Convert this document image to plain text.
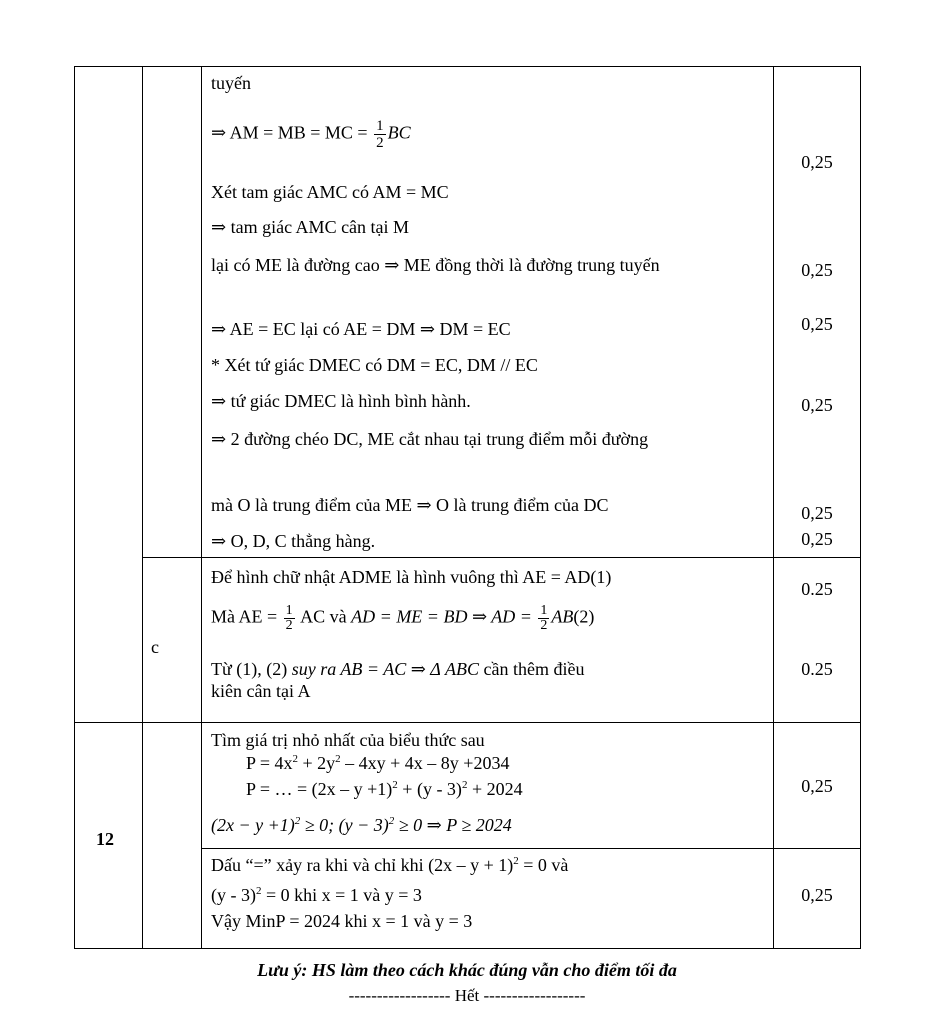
tuyến
⇒ AM = MB = MC = $\frac{1}{2}$ BC
Xét tam giác AMC có AM = MC
⇒ tam giác AMC cân tại M
lại có ME là đường cao ⇒ ME đồng thời là đường trung tuyến
⇒ AE = EC lại có AE = DM ⇒ DM = EC
* Xét tứ giác DMEC có DM = EC, DM // EC
⇒ tứ giác DMEC là hình bình hành.
⇒ 2 đường chéo DC, ME cắt nhau tại trung điểm mỗi đường
mà O là trung điểm của ME ⇒ O là trung điểm của DC
⇒ O, D, C thẳng hàng.
0,25
0,25
0,25
0,25
0,25
0,25
c
Để hình chữ nhật ADME là hình vuông thì AE = AD(1)
Mà AE = $\frac{1}{2}$ AC và AD = ME = BD ⇒ AD = $\frac{1}{2} AB(2)$
Từ (1), (2) suy ra AB = AC ⇒ Δ ABC cần thêm điều
kiên cân tại A
0.25
0.25
12
Tìm giá trị nhỏ nhất của biểu thức sau
$P = 4x^2 + 2y^2 - 4xy + 4x - 8y +2034$
P = … = $(2x - y +1)^2 + (y - 3)^2 + 2024$
$(2x - y +1)^2 \ge 0$; $(y - 3)^2 \ge 0$ ⇒ P ≥ 2024
Dấu “=” xảy ra khi và chỉ khi $(2x - y + 1)^2 = 0$ và
(y - 3)$^2$ = 0 khi x = 1 và y = 3
Vậy MinP = 2024 khi x = 1 và y = 3
0,25
0,25
Lưu ý: HS làm theo cách khác đúng vẫn cho điểm tối đa
------------------ Hết ------------------
